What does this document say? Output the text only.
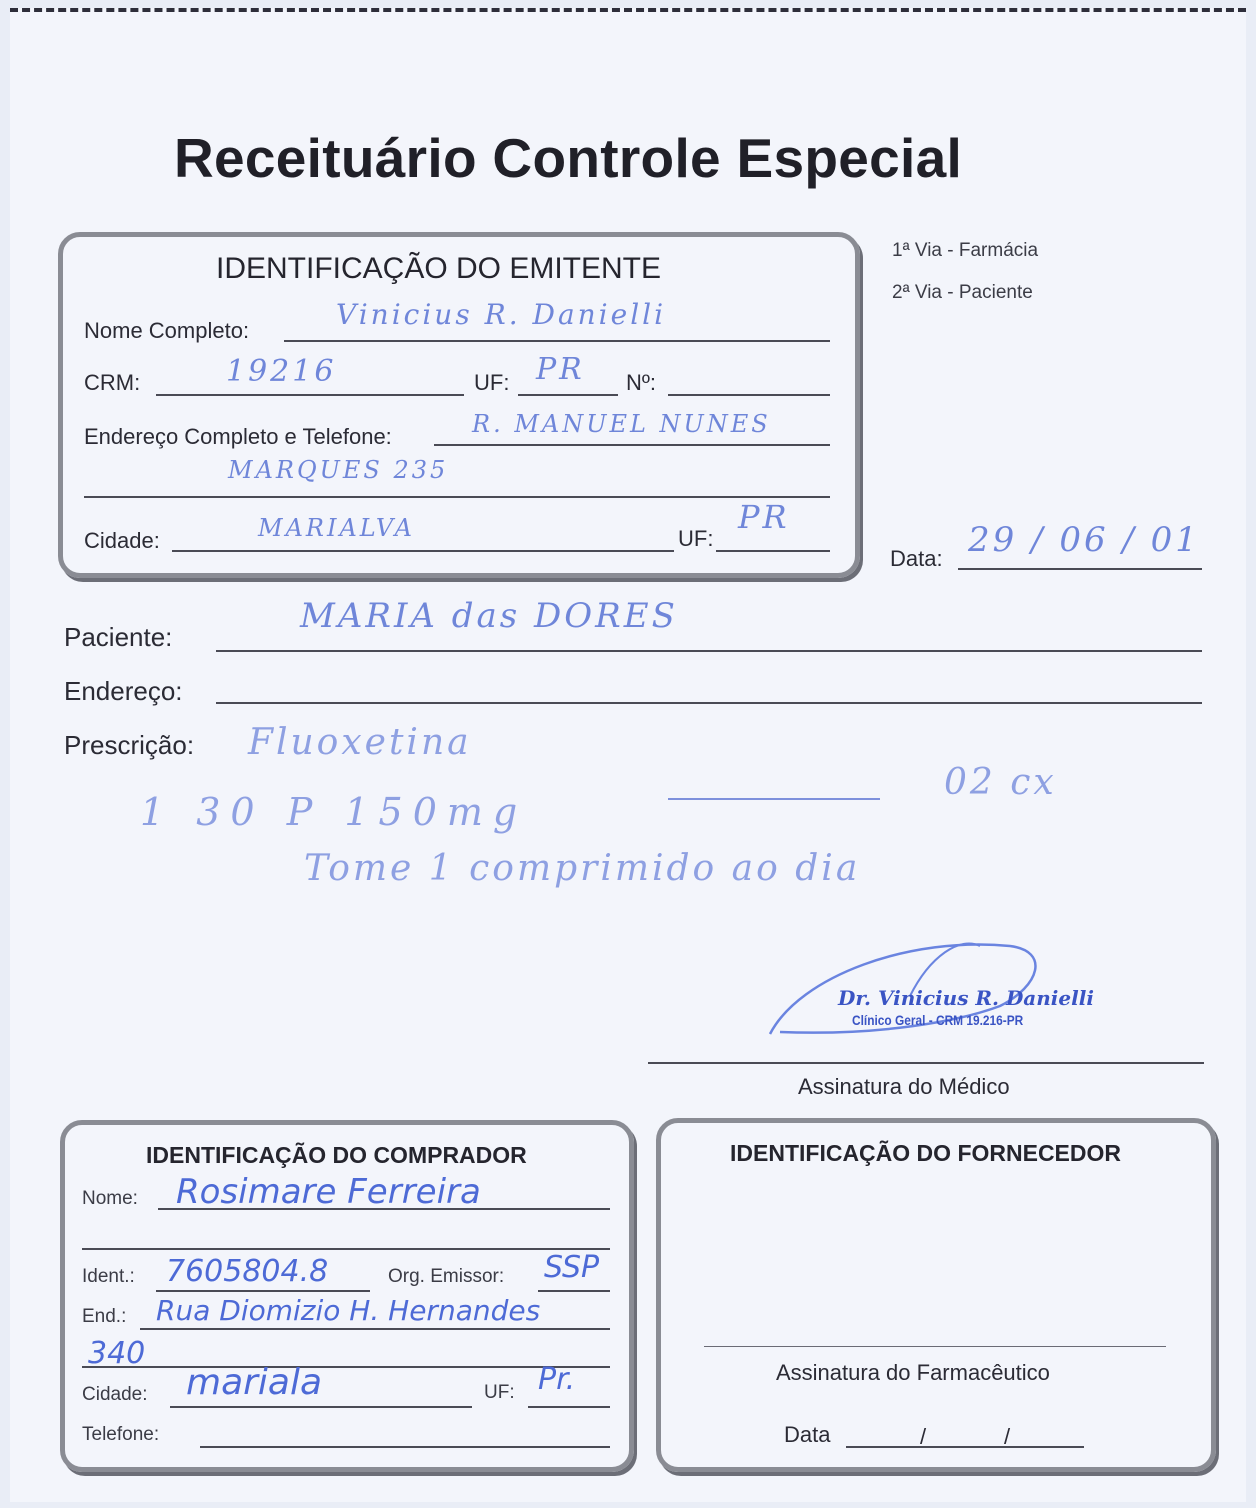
Receituário Controle Especial
IDENTIFICAÇÃO DO EMITENTE
Nome Completo:	Vinicius R. Danielli
CRM:	19216	UF: PR Nº:
Endereço Completo e Telefone:	R. MANUEL NUNES
MARQUES 235
Cidade:	MARIALVA	UF:
PR
1ª Via - Farmácia
2ª Via - Paciente
Data: 29 / 06 / 01
Paciente:
MARIA das DORES
Endereço:
Prescrição: Fluoxetina
02 cx
1 30 P 150mg
Tome 1 comprimido ao dia
Dr. Vinicius R. Danielli
Clínico Geral - CRM 19.216-PR
Assinatura do Médico
IDENTIFICAÇÃO DO COMPRADOR
Nome: Rosimare Ferreira
Ident.: 7605804.8	Org. Emissor: SSP
End.: Rua Diomizio H. Hernandes
340
Cidade: mariala	UF: Pr.
Telefone:
IDENTIFICAÇÃO DO FORNECEDOR
Assinatura do Farmacêutico
Data	/	/
